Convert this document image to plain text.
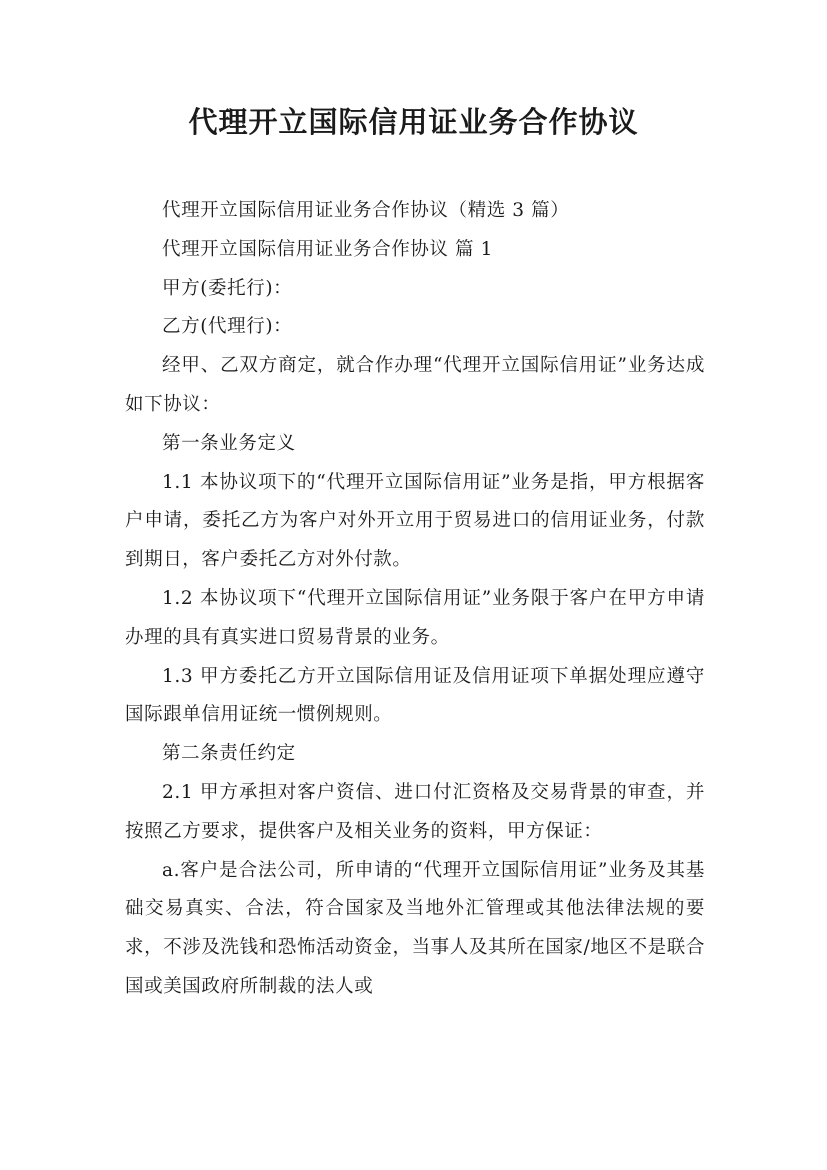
代理开立国际信用证业务合作协议

代理开立国际信用证业务合作协议（精选 3 篇）

代理开立国际信用证业务合作协议 篇 1

甲方(委托行)：

乙方(代理行)：

经甲、乙双方商定，就合作办理“代理开立国际信用证”业务达成如下协议：

第一条业务定义

1.1 本协议项下的“代理开立国际信用证”业务是指，甲方根据客户申请，委托乙方为客户对外开立用于贸易进口的信用证业务，付款到期日，客户委托乙方对外付款。

1.2 本协议项下“代理开立国际信用证”业务限于客户在甲方申请办理的具有真实进口贸易背景的业务。

1.3 甲方委托乙方开立国际信用证及信用证项下单据处理应遵守国际跟单信用证统一惯例规则。

第二条责任约定

2.1 甲方承担对客户资信、进口付汇资格及交易背景的审查，并按照乙方要求，提供客户及相关业务的资料，甲方保证：

a.客户是合法公司，所申请的“代理开立国际信用证”业务及其基础交易真实、合法，符合国家及当地外汇管理或其他法律法规的要求，不涉及洗钱和恐怖活动资金，当事人及其所在国家/地区不是联合国或美国政府所制裁的法人或
